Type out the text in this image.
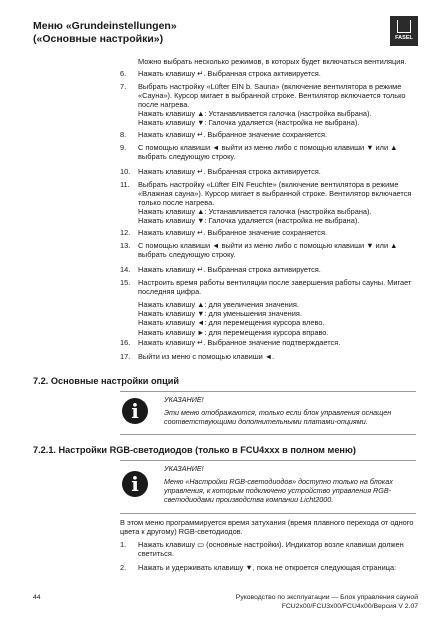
Меню «Grundeinstellungen»
(«Основные настройки»)	FASEL
Можно выбрать несколько режимов, в которых будет включаться вентиляция.
6. Нажать клавишу ↵. Выбранная строка активируется.
7. Выбрать настройку «Lüfter EIN b. Sauna» (включение вентилятора в режиме «Сауна»). Курсор мигает в выбранной строке. Вентилятор включается только после нагрева.
Нажать клавишу ▲: Устанавливается галочка (настройка выбрана).
Нажать клавишу ▼: Галочка удаляется (настройка не выбрана).
8. Нажать клавишу ↵. Выбранное значение сохраняется.
9. С помощью клавиши ◄ выйти из меню либо с помощью клавиши ▼ или ▲ выбрать следующую строку.
10. Нажать клавишу ↵. Выбранная строка активируется.
11. Выбрать настройку «Lüfter EIN Feuchte» (включение вентилятора в режиме «Влажная сауна»). Курсор мигает в выбранной строке. Вентилятор включается только после нагрева.
Нажать клавишу ▲: Устанавливается галочка (настройка выбрана).
Нажать клавишу ▼: Галочка удаляется (настройка не выбрана).
12. Нажать клавишу ↵. Выбранное значение сохраняется.
13. С помощью клавиши ◄ выйти из меню либо с помощью клавиши ▼ или ▲ выбрать следующую строку.
14. Нажать клавишу ↵. Выбранная строка активируется.
15. Настроить время работы вентиляции после завершения работы сауны. Мигает последняя цифра.
Нажать клавишу ▲: для увеличения значения.
Нажать клавишу ▼: для уменьшения значения.
Нажать клавишу ◄: для перемещения курсора влево.
Нажать клавишу ►: для перемещения курсора вправо.
16. Нажать клавишу ↵. Выбранное значение подтверждается.
17. Выйти из меню с помощью клавиши ◄.
7.2. Основные настройки опций
i	УКАЗАНИЕ!
Эти меню отображаются, только если блок управления оснащен соответствующими дополнительными платами-опциями.
7.2.1. Настройки RGB-светодиодов (только в FCU4xxx в полном меню)
i
УКАЗАНИЕ!
Меню «Настройки RGB-светодиодов» доступно только на блоках управления, к которым подключено устройство управления RGB-светодиодами производства компании Licht2000.
В этом меню программируется время затухания (время плавного перехода от одного цвета к другому) RGB-светодиодов.
1. Нажать клавишу ▭ (основные настройки). Индикатор возле клавиши должен светиться.
2. Нажать и удерживать клавишу ▼, пока не откроется следующая страница:
44	Руководство по эксплуатации — Блок управления сауной
FCU2x00/FCU3x00/FCU4x00/Версия V 2.07
